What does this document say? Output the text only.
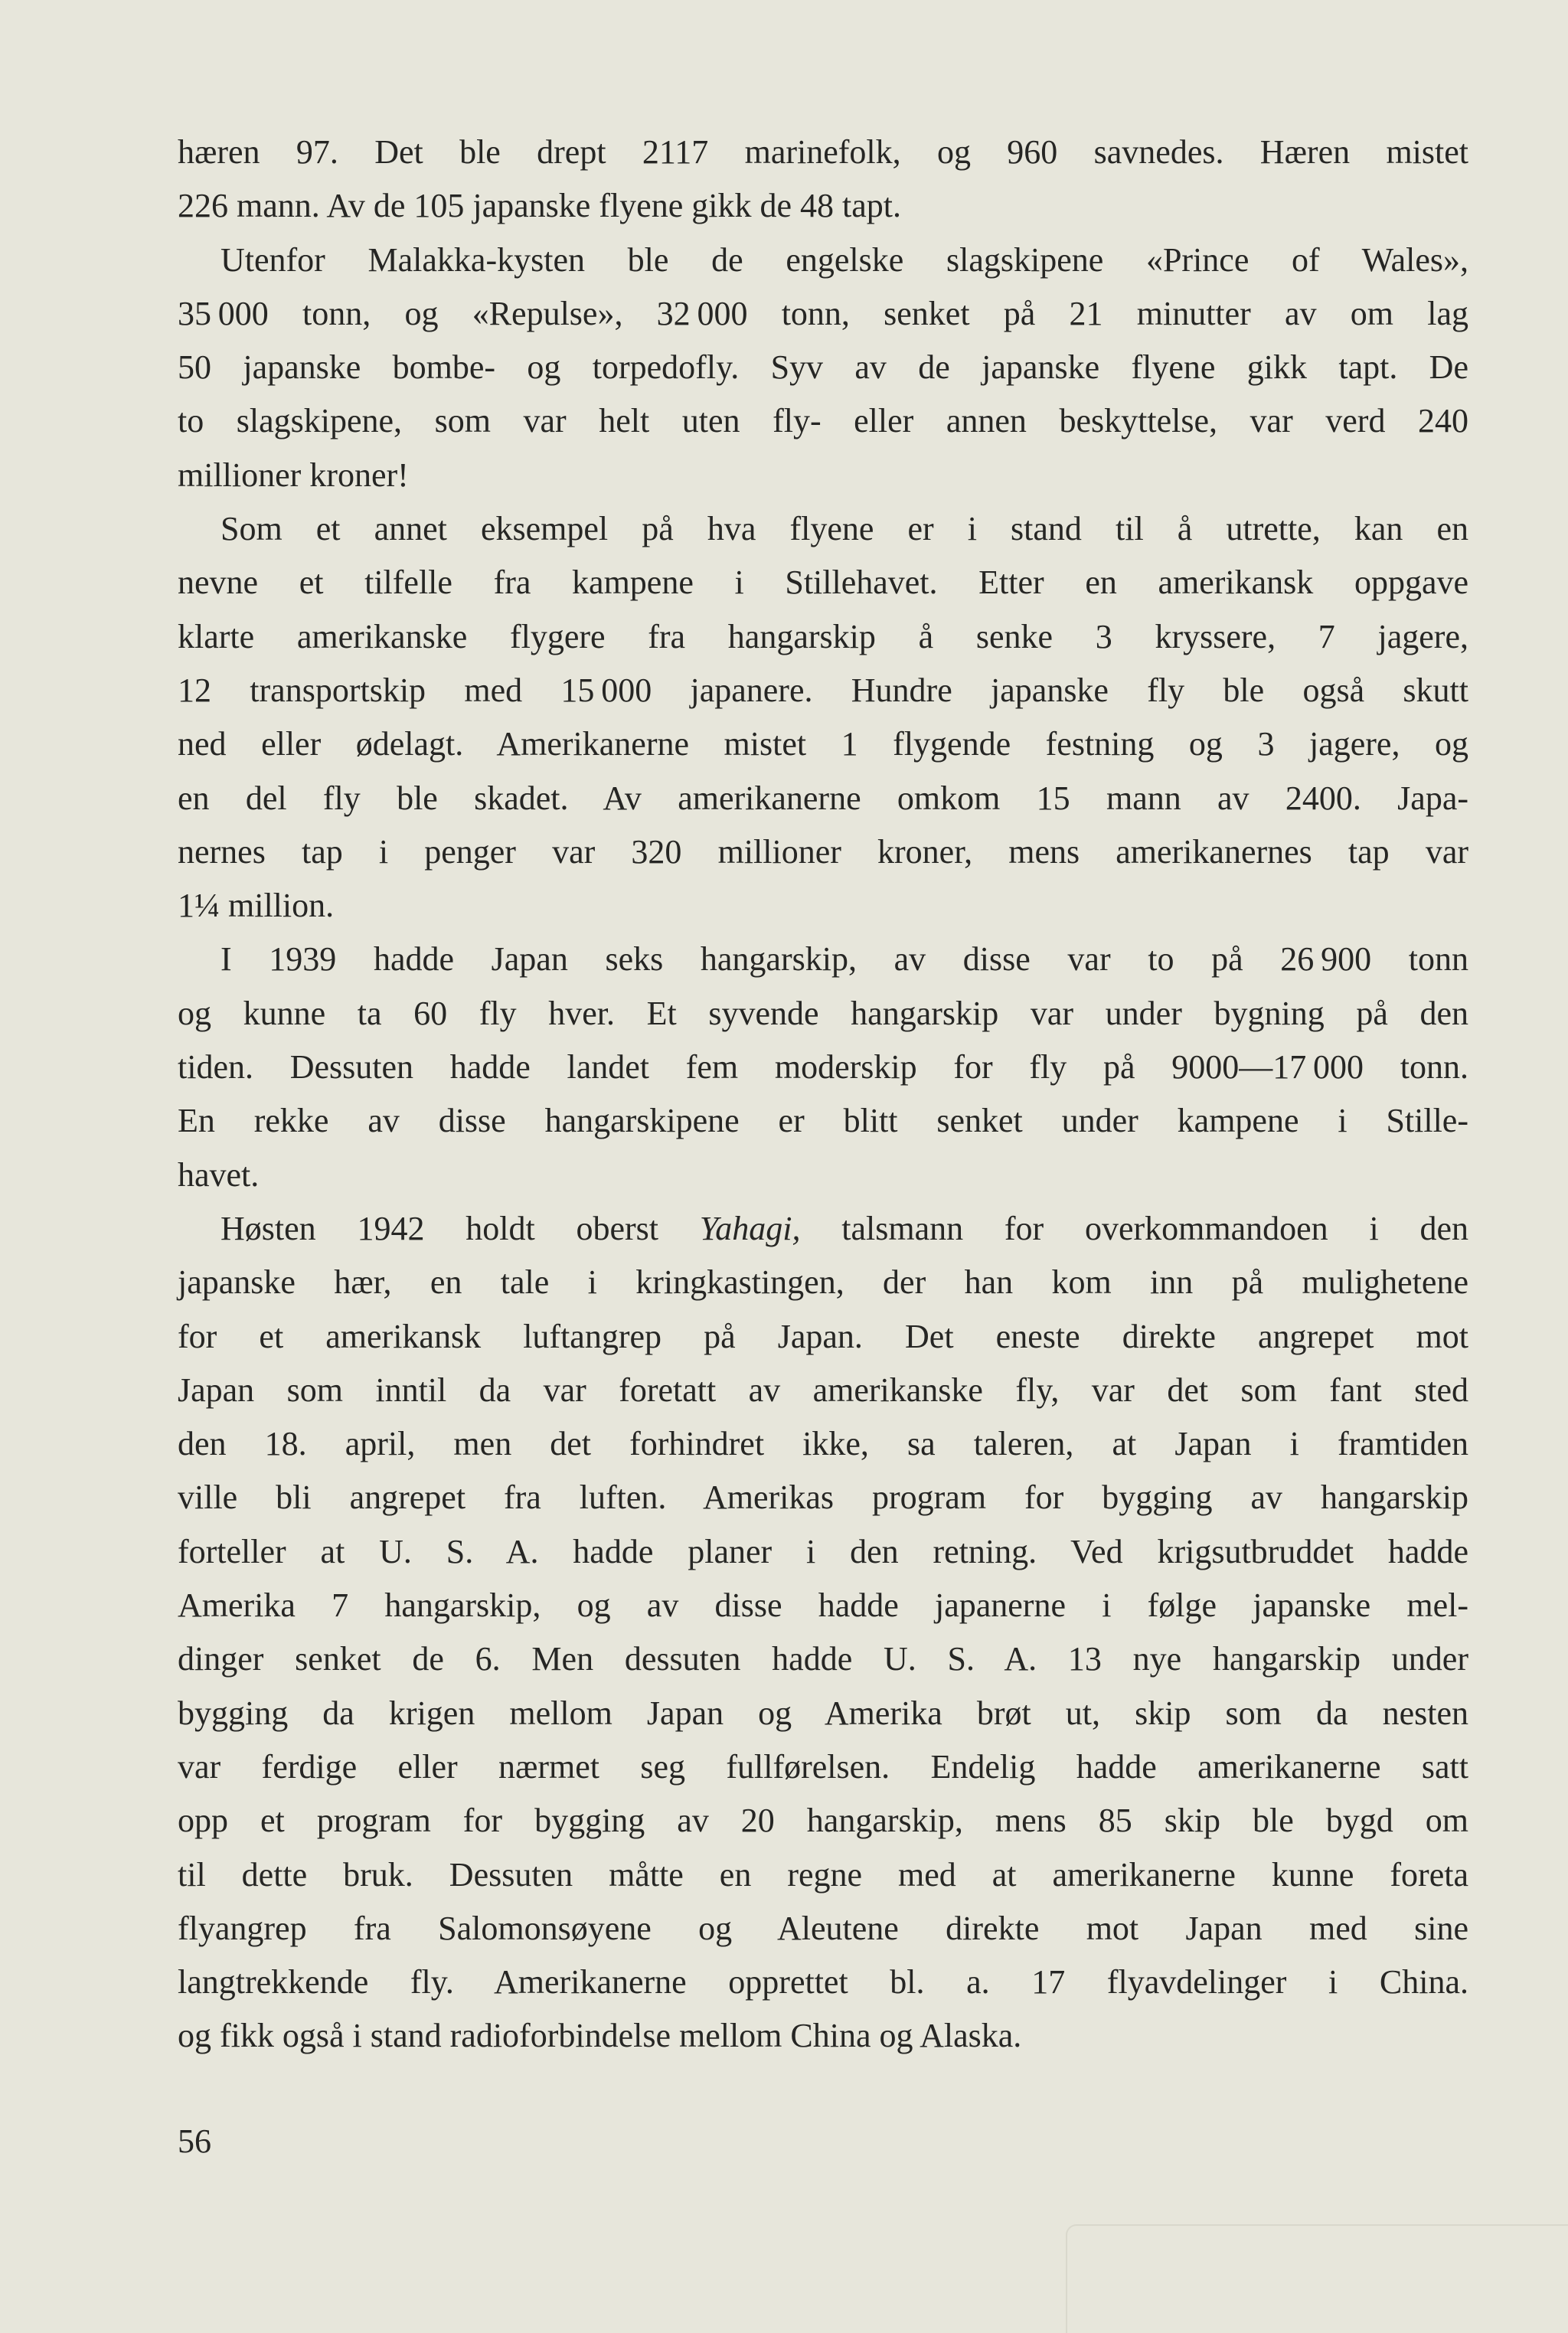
hæren 97. Det ble drept 2117 marinefolk, og 960 savnedes. Hæren mistet
226 mann. Av de 105 japanske flyene gikk de 48 tapt.
Utenfor Malakka-kysten ble de engelske slagskipene «Prince of Wales»,
35 000 tonn, og «Repulse», 32 000 tonn, senket på 21 minutter av om lag
50 japanske bombe- og torpedofly. Syv av de japanske flyene gikk tapt. De
to slagskipene, som var helt uten fly- eller annen beskyttelse, var verd 240
millioner kroner!
Som et annet eksempel på hva flyene er i stand til å utrette, kan en
nevne et tilfelle fra kampene i Stillehavet. Etter en amerikansk oppgave
klarte amerikanske flygere fra hangarskip å senke 3 kryssere, 7 jagere,
12 transportskip med 15 000 japanere. Hundre japanske fly ble også skutt
ned eller ødelagt. Amerikanerne mistet 1 flygende festning og 3 jagere, og
en del fly ble skadet. Av amerikanerne omkom 15 mann av 2400. Japa-
nernes tap i penger var 320 millioner kroner, mens amerikanernes tap var
1¼ million.
I 1939 hadde Japan seks hangarskip, av disse var to på 26 900 tonn
og kunne ta 60 fly hver. Et syvende hangarskip var under bygning på den
tiden. Dessuten hadde landet fem moderskip for fly på 9000—17 000 tonn.
En rekke av disse hangarskipene er blitt senket under kampene i Stille-
havet.
Høsten 1942 holdt oberst Yahagi, talsmann for overkommandoen i den
japanske hær, en tale i kringkastingen, der han kom inn på mulighetene
for et amerikansk luftangrep på Japan. Det eneste direkte angrepet mot
Japan som inntil da var foretatt av amerikanske fly, var det som fant sted
den 18. april, men det forhindret ikke, sa taleren, at Japan i framtiden
ville bli angrepet fra luften. Amerikas program for bygging av hangarskip
forteller at U. S. A. hadde planer i den retning. Ved krigsutbruddet hadde
Amerika 7 hangarskip, og av disse hadde japanerne i følge japanske mel-
dinger senket de 6. Men dessuten hadde U. S. A. 13 nye hangarskip under
bygging da krigen mellom Japan og Amerika brøt ut, skip som da nesten
var ferdige eller nærmet seg fullførelsen. Endelig hadde amerikanerne satt
opp et program for bygging av 20 hangarskip, mens 85 skip ble bygd om
til dette bruk. Dessuten måtte en regne med at amerikanerne kunne foreta
flyangrep fra Salomonsøyene og Aleutene direkte mot Japan med sine
langtrekkende fly. Amerikanerne opprettet bl. a. 17 flyavdelinger i China.
og fikk også i stand radioforbindelse mellom China og Alaska.
56
